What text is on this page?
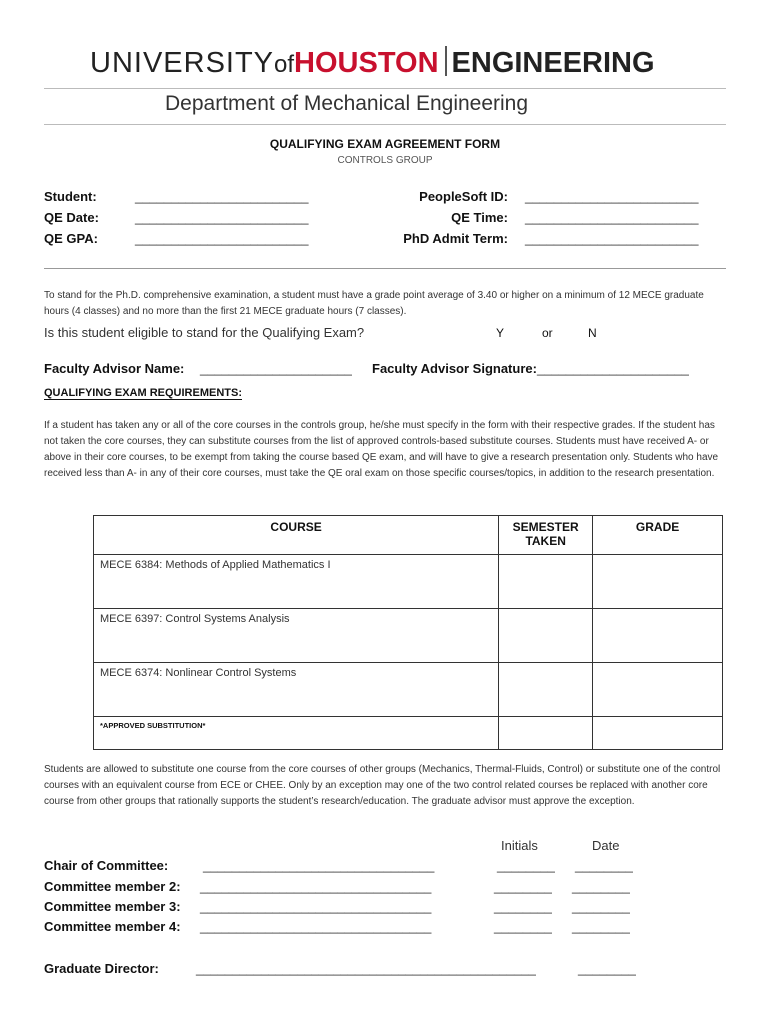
UNIVERSITYofHOUSTON ENGINEERING
Department of Mechanical Engineering
QUALIFYING EXAM AGREEMENT FORM
CONTROLS GROUP
Student:	________________________
QE Date:	________________________
QE GPA:	________________________
PeopleSoft ID: ________________________
QE Time: ________________________
PhD Admit Term: ________________________
To stand for the Ph.D. comprehensive examination, a student must have a grade point average of 3.40 or higher on a minimum of 12 MECE graduate hours (4 classes) and no more than the first 21 MECE graduate hours (7 classes).
Is this student eligible to stand for the Qualifying Exam?	Y	or	N
Faculty Advisor Name: _____________________ Faculty Advisor Signature: _____________________
QUALIFYING EXAM REQUIREMENTS:
If a student has taken any or all of the core courses in the controls group, he/she must specify in the form with their respective grades. If the student has not taken the core courses, they can substitute courses from the list of approved controls-based substitute courses. Students must have received A- or above in their core courses, to be exempt from taking the course based QE exam, and will have to give a research presentation only. Students who have received less than A- in any of their core courses, must take the QE oral exam on those specific courses/topics, in addition to the research presentation.
COURSE	SEMESTER TAKEN	GRADE
MECE 6384: Methods of Applied Mathematics I		
MECE 6397: Control Systems Analysis		
MECE 6374: Nonlinear Control Systems		
*APPROVED SUBSTITUTION*		
Students are allowed to substitute one course from the core courses of other groups (Mechanics, Thermal-Fluids, Control) or substitute one of the control courses with an equivalent course from ECE or CHEE. Only by an exception may one of the two control related courses be replaced with another core course from other groups that rationally supports the student’s research/education. The graduate advisor must approve the exception.
Initials	Date
Chair of Committee:	________________________________	________ ________
Committee member 2: ________________________________	________ ________
Committee member 3: ________________________________	________ ________
Committee member 4: ________________________________	________ ________
Graduate Director:	_______________________________________________	________
